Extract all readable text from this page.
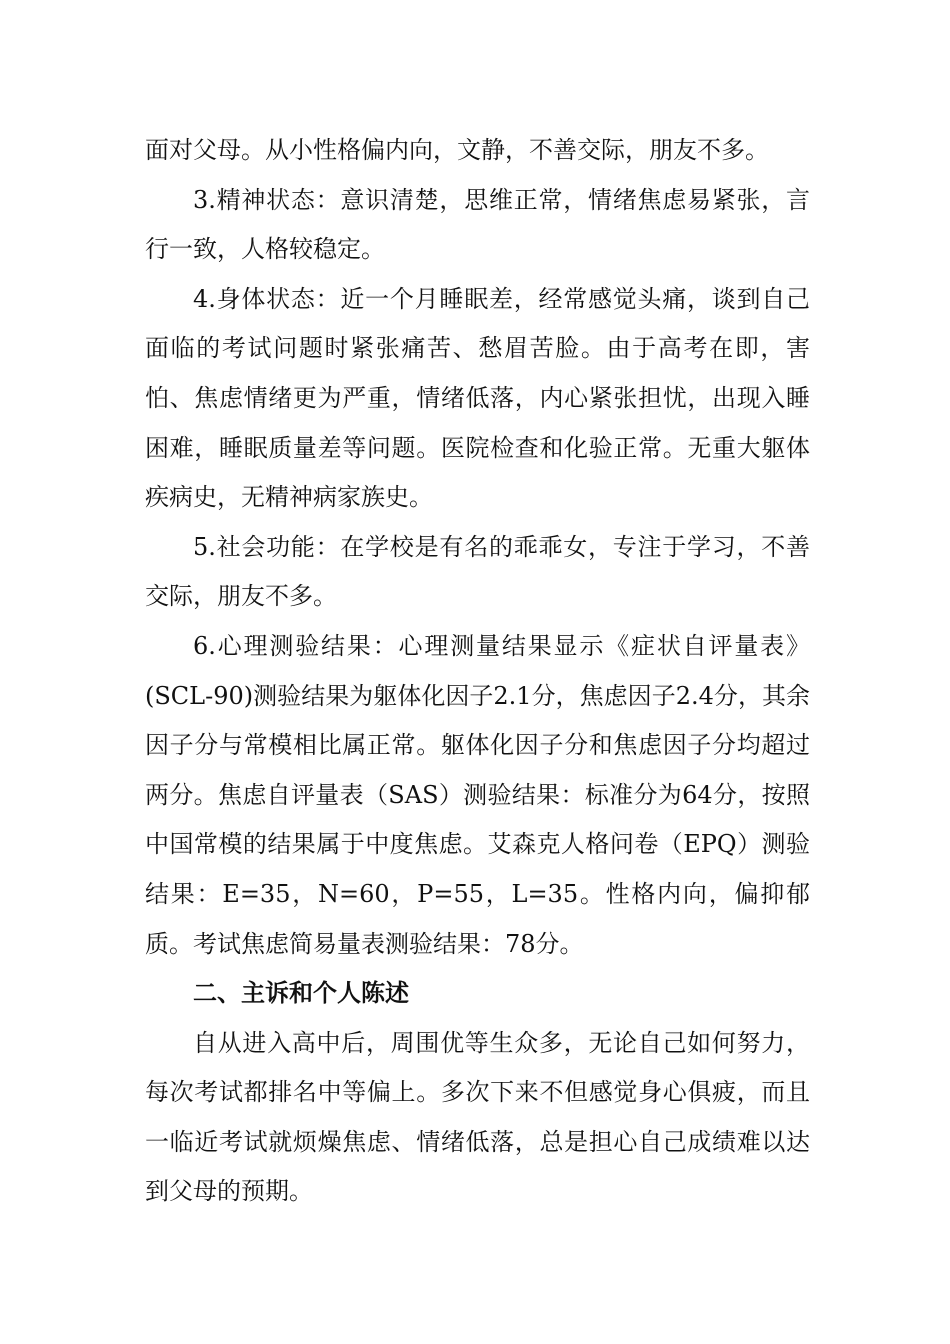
面对父母。从小性格偏内向，文静，不善交际，朋友不多。

3.精神状态：意识清楚，思维正常，情绪焦虑易紧张，言行一致，人格较稳定。

4.身体状态：近一个月睡眠差，经常感觉头痛，谈到自己面临的考试问题时紧张痛苦、愁眉苦脸。由于高考在即，害怕、焦虑情绪更为严重，情绪低落，内心紧张担忧，出现入睡困难，睡眠质量差等问题。医院检查和化验正常。无重大躯体疾病史，无精神病家族史。

5.社会功能：在学校是有名的乖乖女，专注于学习，不善交际，朋友不多。

6.心理测验结果：心理测量结果显示《症状自评量表》(SCL-90)测验结果为躯体化因子2.1分，焦虑因子2.4分，其余因子分与常模相比属正常。躯体化因子分和焦虑因子分均超过两分。焦虑自评量表（SAS）测验结果：标准分为64分，按照中国常模的结果属于中度焦虑。艾森克人格问卷（EPQ）测验结果：E=35，N=60，P=55，L=35。性格内向，偏抑郁质。考试焦虑简易量表测验结果：78分。

二、主诉和个人陈述

自从进入高中后，周围优等生众多，无论自己如何努力，每次考试都排名中等偏上。多次下来不但感觉身心俱疲，而且一临近考试就烦燥焦虑、情绪低落，总是担心自己成绩难以达到父母的预期。
